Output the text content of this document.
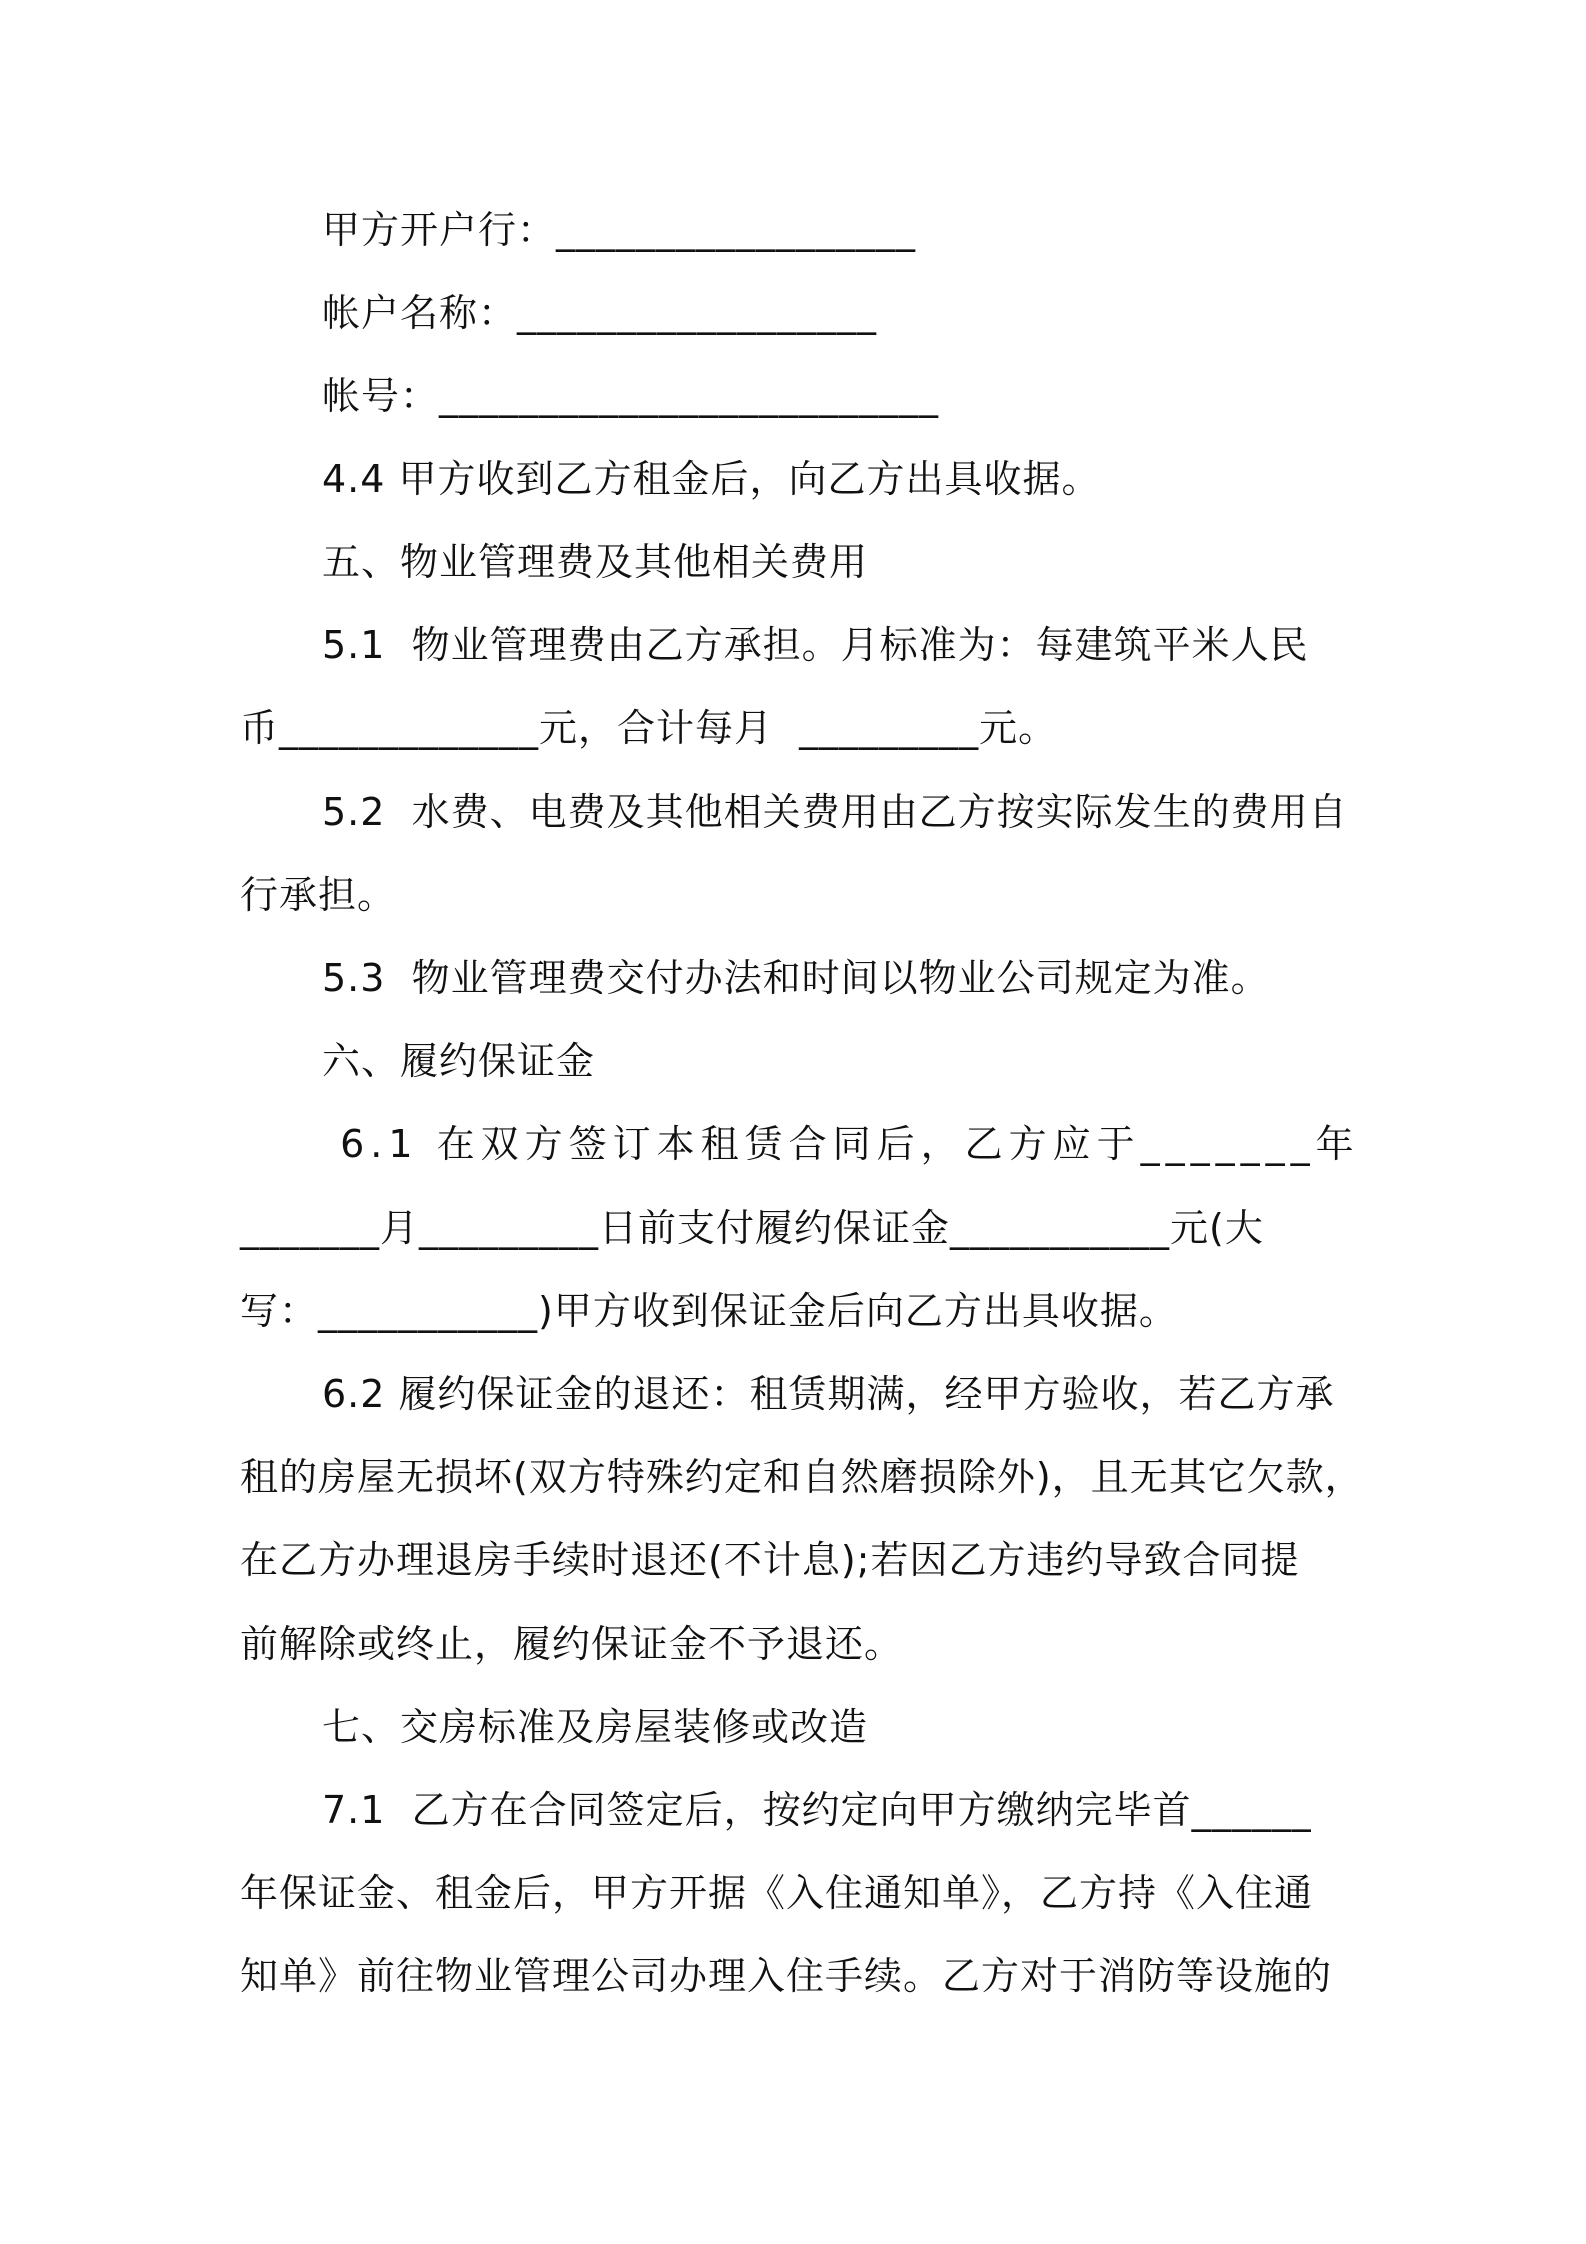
甲方开户行：__________________
帐户名称：__________________
帐号：_________________________
4.4 甲方收到乙方租金后，向乙方出具收据。
五、物业管理费及其他相关费用
5.1  物业管理费由乙方承担。月标准为：每建筑平米人民
币_____________元，合计每月  _________元。
5.2  水费、电费及其他相关费用由乙方按实际发生的费用自
行承担。
5.3  物业管理费交付办法和时间以物业公司规定为准。
六、履约保证金
6.1 在双方签订本租赁合同后，乙方应于_______年
_______月_________日前支付履约保证金___________元(大
写：___________)甲方收到保证金后向乙方出具收据。
6.2 履约保证金的退还：租赁期满，经甲方验收，若乙方承
租的房屋无损坏(双方特殊约定和自然磨损除外)，且无其它欠款，
在乙方办理退房手续时退还(不计息);若因乙方违约导致合同提
前解除或终止，履约保证金不予退还。
七、交房标准及房屋装修或改造
7.1  乙方在合同签定后，按约定向甲方缴纳完毕首______
年保证金、租金后，甲方开据《入住通知单》，乙方持《入住通
知单》前往物业管理公司办理入住手续。乙方对于消防等设施的
